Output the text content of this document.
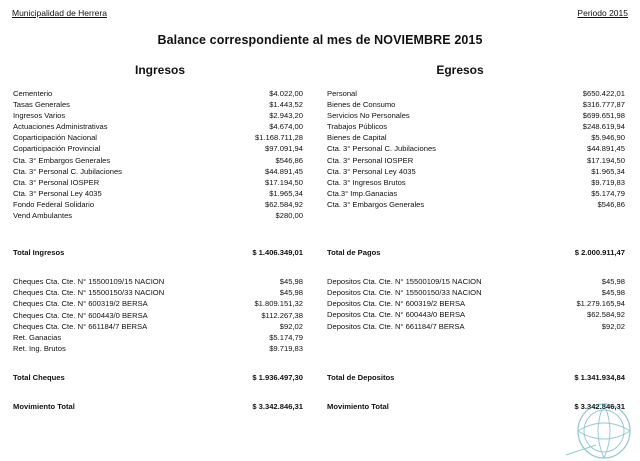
Municipalidad de Herrera	Periodo 2015
Balance correspondiente al mes de NOVIEMBRE 2015
Ingresos	Egresos
Cementerio	$4.022,00
Tasas Generales	$1.443,52
Ingresos Varios	$2.943,20
Actuaciones Administrativas	$4.674,00
Coparticipación Nacional	$1.168.711,28
Coparticipación Provincial	$97.091,94
Cta. 3° Embargos Generales	$546,86
Cta. 3° Personal C. Jubilaciones	$44.891,45
Cta. 3° Personal IOSPER	$17.194,50
Cta. 3° Personal Ley 4035	$1.965,34
Fondo Federal Solidario	$62.584,92
Vend Ambulantes	$280,00
Total Ingresos	$ 1.406.349,01
Cheques Cta. Cte. N° 15500109/15 NACION	$45,98
Cheques Cta. Cte. N° 15500150/33 NACION	$45,98
Cheques Cta. Cte. N° 600319/2 BERSA	$1.809.151,32
Cheques Cta. Cte. N° 600443/0 BERSA	$112.267,38
Cheques Cta. Cte. N° 661184/7 BERSA	$92,02
Ret. Ganacias	$5.174,79
Ret. Ing. Brutos	$9.719,83
Total Cheques	$ 1.936.497,30
Movimiento Total	$ 3.342.846,31
Personal	$650.422,01
Bienes de Consumo	$316.777,87
Servicios No Personales	$699.651,98
Trabajos Públicos	$248.619,94
Bienes de Capital	$5.946,90
Cta. 3° Personal C. Jubilaciones	$44.891,45
Cta. 3° Personal IOSPER	$17.194,50
Cta. 3° Personal Ley 4035	$1.965,34
Cta. 3° Ingresos Brutos	$9.719,83
Cta.3° Imp.Ganacias	$5.174,79
Cta. 3° Embargos Generales	$546,86
Total de Pagos	$ 2.000.911,47
Depositos Cta. Cte. N° 15500109/15 NACION	$45,98
Depositos Cta. Cte. N° 15500150/33 NACION	$45,98
Depositos Cta. Cte. N° 600319/2 BERSA	$1.279.165,94
Depositos Cta. Cte. N° 600443/0 BERSA	$62.584,92
Depositos Cta. Cte. N° 661184/7 BERSA	$92,02
Total de Depositos	$ 1.341.934,84
Movimiento Total	$ 3.342.846,31
